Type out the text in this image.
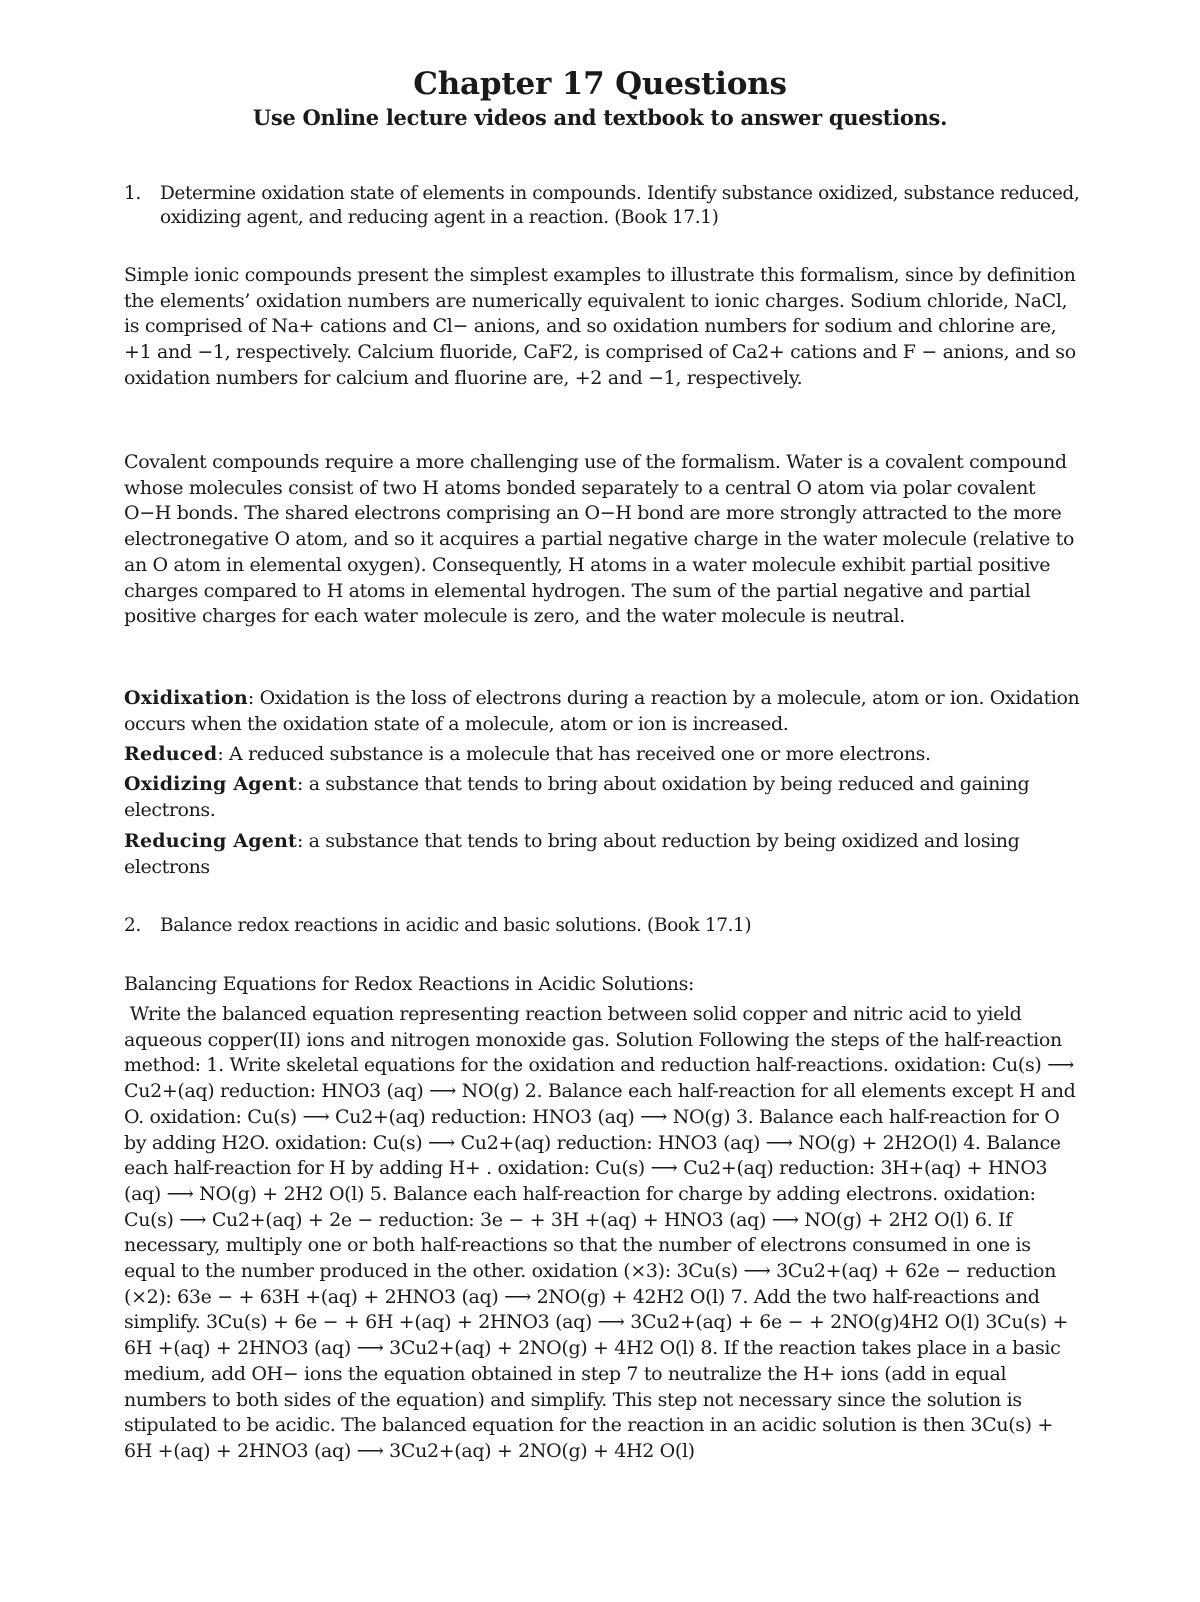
Chapter 17 Questions
Use Online lecture videos and textbook to answer questions.
1.	Determine oxidation state of elements in compounds. Identify substance oxidized, substance reduced, oxidizing agent, and reducing agent in a reaction. (Book 17.1)

Simple ionic compounds present the simplest examples to illustrate this formalism, since by definition the elements’ oxidation numbers are numerically equivalent to ionic charges. Sodium chloride, NaCl, is comprised of Na+ cations and Cl− anions, and so oxidation numbers for sodium and chlorine are, +1 and −1, respectively. Calcium fluoride, CaF2, is comprised of Ca2+ cations and F − anions, and so oxidation numbers for calcium and fluorine are, +2 and −1, respectively.

Covalent compounds require a more challenging use of the formalism. Water is a covalent compound whose molecules consist of two H atoms bonded separately to a central O atom via polar covalent O−H bonds. The shared electrons comprising an O−H bond are more strongly attracted to the more electronegative O atom, and so it acquires a partial negative charge in the water molecule (relative to an O atom in elemental oxygen). Consequently, H atoms in a water molecule exhibit partial positive charges compared to H atoms in elemental hydrogen. The sum of the partial negative and partial positive charges for each water molecule is zero, and the water molecule is neutral.

Oxidixation: Oxidation is the loss of electrons during a reaction by a molecule, atom or ion. Oxidation occurs when the oxidation state of a molecule, atom or ion is increased.
Reduced: A reduced substance is a molecule that has received one or more electrons.
Oxidizing Agent: a substance that tends to bring about oxidation by being reduced and gaining electrons.
Reducing Agent: a substance that tends to bring about reduction by being oxidized and losing electrons
2.	Balance redox reactions in acidic and basic solutions. (Book 17.1)

Balancing Equations for Redox Reactions in Acidic Solutions:

Write the balanced equation representing reaction between solid copper and nitric acid to yield aqueous copper(II) ions and nitrogen monoxide gas. Solution Following the steps of the half-reaction method: 1. Write skeletal equations for the oxidation and reduction half-reactions. oxidation: Cu(s) ⟶ Cu2+(aq) reduction: HNO3 (aq) ⟶ NO(g) 2. Balance each half-reaction for all elements except H and O. oxidation: Cu(s) ⟶ Cu2+(aq) reduction: HNO3 (aq) ⟶ NO(g) 3. Balance each half-reaction for O by adding H2O. oxidation: Cu(s) ⟶ Cu2+(aq) reduction: HNO3 (aq) ⟶ NO(g) + 2H2O(l) 4. Balance each half-reaction for H by adding H+ . oxidation: Cu(s) ⟶ Cu2+(aq) reduction: 3H+(aq) + HNO3 (aq) ⟶ NO(g) + 2H2 O(l) 5. Balance each half-reaction for charge by adding electrons. oxidation: Cu(s) ⟶ Cu2+(aq) + 2e − reduction: 3e − + 3H +(aq) + HNO3 (aq) ⟶ NO(g) + 2H2 O(l) 6. If necessary, multiply one or both half-reactions so that the number of electrons consumed in one is equal to the number produced in the other. oxidation (×3): 3Cu(s) ⟶ 3Cu2+(aq) + 62e − reduction (×2): 63e − + 63H +(aq) + 2HNO3 (aq) ⟶ 2NO(g) + 42H2 O(l) 7. Add the two half-reactions and simplify. 3Cu(s) + 6e − + 6H +(aq) + 2HNO3 (aq) ⟶ 3Cu2+(aq) + 6e − + 2NO(g)4H2 O(l) 3Cu(s) + 6H +(aq) + 2HNO3 (aq) ⟶ 3Cu2+(aq) + 2NO(g) + 4H2 O(l) 8. If the reaction takes place in a basic medium, add OH− ions the equation obtained in step 7 to neutralize the H+ ions (add in equal numbers to both sides of the equation) and simplify. This step not necessary since the solution is stipulated to be acidic. The balanced equation for the reaction in an acidic solution is then 3Cu(s) + 6H +(aq) + 2HNO3 (aq) ⟶ 3Cu2+(aq) + 2NO(g) + 4H2 O(l)
